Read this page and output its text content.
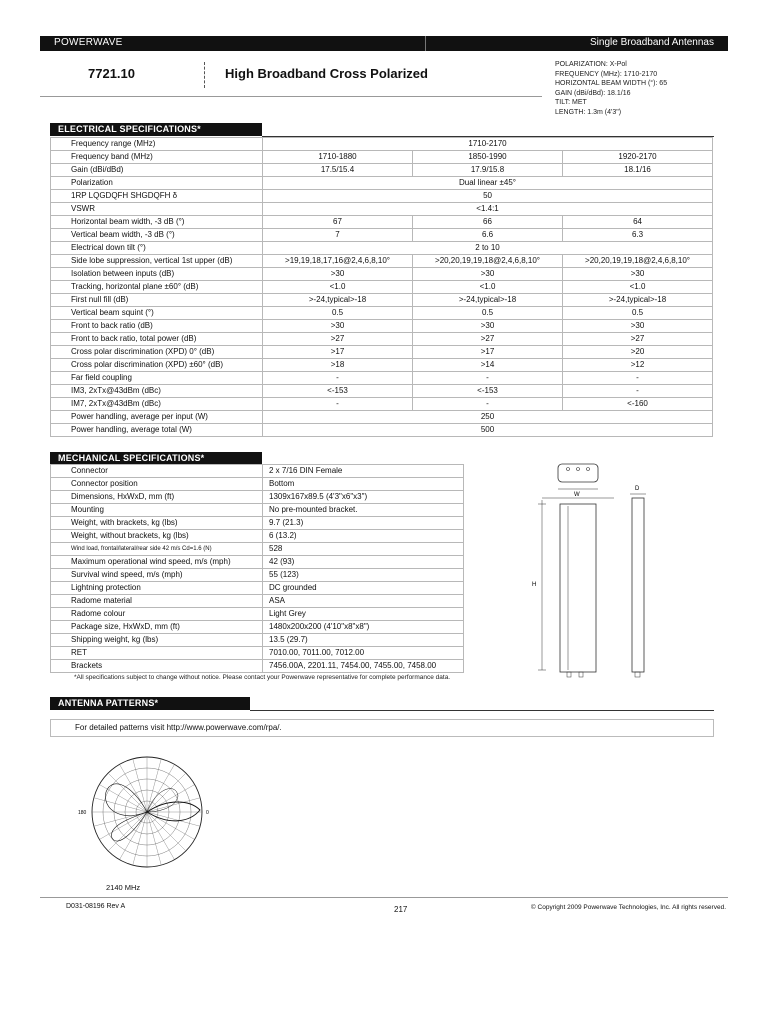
POWERWAVE	Single Broadband Antennas
7721.10	High Broadband Cross Polarized
POLARIZATION: X-Pol
FREQUENCY (MHz): 1710-2170
HORIZONTAL BEAM WIDTH (°): 65
GAIN (dBi/dBd): 18.1/16
TILT: MET
LENGTH: 1.3m (4'3")
ELECTRICAL SPECIFICATIONS*
Frequency range (MHz)	1710-2170		
Frequency band (MHz)	1710-1880	1850-1990	1920-2170
Gain (dBi/dBd)	17.5/15.4	17.9/15.8	18.1/16
Polarization	Dual linear ±45°		
1RP LQGDQFH SHGDQFH δ	50		
VSWR	<1.4:1		
Horizontal beam width, -3 dB (°)	67	66	64
Vertical beam width, -3 dB (°)	7	6.6	6.3
Electrical down tilt (°)	2 to 10		
Side lobe suppression, vertical 1st upper (dB)	>19,19,18,17,16@2,4,6,8,10°	>20,20,19,19,18@2,4,6,8,10°	>20,20,19,19,18@2,4,6,8,10°
Isolation between inputs (dB)	>30	>30	>30
Tracking, horizontal plane ±60° (dB)	<1.0	<1.0	<1.0
First null fill (dB)	>-24,typical>-18	>-24,typical>-18	>-24,typical>-18
Vertical beam squint (°)	0.5	0.5	0.5
Front to back ratio (dB)	>30	>30	>30
Front to back ratio, total power (dB)	>27	>27	>27
Cross polar discrimination (XPD) 0° (dB)	>17	>17	>20
Cross polar discrimination (XPD) ±60° (dB)	>18	>14	>12
Far field coupling	-	-	-
IM3, 2xTx@43dBm (dBc)	<-153	<-153	-
IM7, 2xTx@43dBm (dBc)	-	-	<-160
Power handling, average per input (W)	250		
Power handling, average total (W)	500		
MECHANICAL SPECIFICATIONS*
Connector	2 x 7/16 DIN Female
Connector position	Bottom
Dimensions, HxWxD, mm (ft)	1309x167x89.5 (4'3"x6"x3")
Mounting	No pre-mounted bracket.
Weight, with brackets, kg (lbs)	9.7 (21.3)
Weight, without brackets, kg (lbs)	6 (13.2)
Wind load, frontal/lateral/rear side 42 m/s Cd=1.6 (N)	528
Maximum operational wind speed, m/s (mph)	42 (93)
Survival wind speed, m/s (mph)	55 (123)
Lightning protection	DC grounded
Radome material	ASA
Radome colour	Light Grey
Package size, HxWxD, mm (ft)	1480x200x200 (4'10"x8"x8")
Shipping weight, kg (lbs)	13.5 (29.7)
RET	7010.00, 7011.00, 7012.00
Brackets	7456.00A, 2201.11, 7454.00, 7455.00, 7458.00
*All specifications subject to change without notice. Please contact your Powerwave representative for complete performance data.
W
H
D
ANTENNA PATTERNS*
For detailed patterns visit http://www.powerwave.com/rpa/.
180	0
2140 MHz
D031-08196 Rev A	217	© Copyright 2009 Powerwave Technologies, Inc. All rights reserved.
